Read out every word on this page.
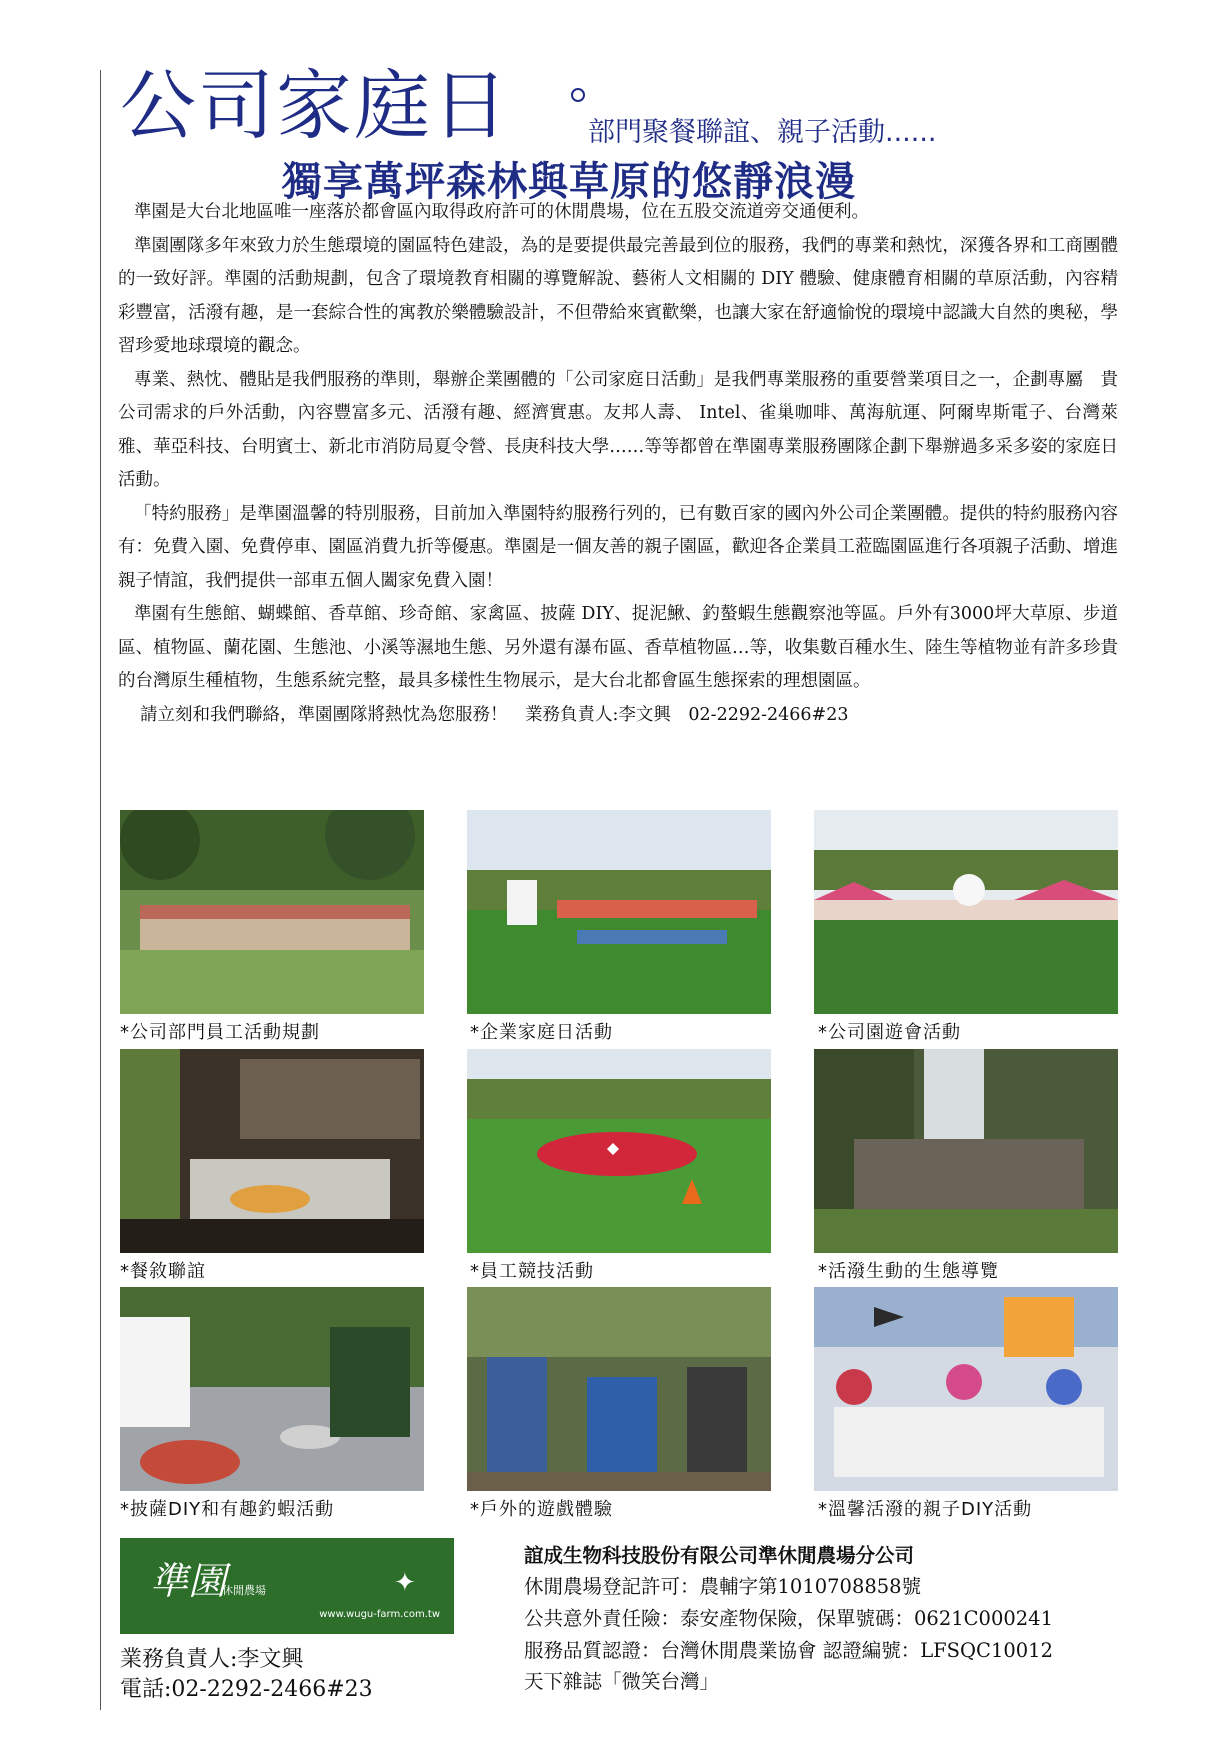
公司家庭日	部門聚餐聯誼、親子活動......
獨享萬坪森林與草原的悠靜浪漫

準園是大台北地區唯一座落於都會區內取得政府許可的休閒農場，位在五股交流道旁交通便利。

準園團隊多年來致力於生態環境的園區特色建設，為的是要提供最完善最到位的服務，我們的專業和熱忱，深獲各界和工商團體的一致好評。準園的活動規劃，包含了環境教育相關的導覽解說、藝術人文相關的 DIY 體驗、健康體育相關的草原活動，內容精彩豐富，活潑有趣，是一套綜合性的寓教於樂體驗設計，不但帶給來賓歡樂，也讓大家在舒適愉悅的環境中認識大自然的奧秘，學習珍愛地球環境的觀念。

專業、熱忱、體貼是我們服務的準則，舉辦企業團體的「公司家庭日活動」是我們專業服務的重要營業項目之一，企劃專屬　貴公司需求的戶外活動，內容豐富多元、活潑有趣、經濟實惠。友邦人壽、 Intel、雀巢咖啡、萬海航運、阿爾卑斯電子、台灣萊雅、華亞科技、台明賓士、新北市消防局夏令營、長庚科技大學……等等都曾在準園專業服務團隊企劃下舉辦過多采多姿的家庭日活動。

「特約服務」是準園溫馨的特別服務，目前加入準園特約服務行列的，已有數百家的國內外公司企業團體。提供的特約服務內容有：免費入園、免費停車、園區消費九折等優惠。準園是一個友善的親子園區，歡迎各企業員工蒞臨園區進行各項親子活動、增進親子情誼，我們提供一部車五個人闔家免費入園！

準園有生態館、蝴蝶館、香草館、珍奇館、家禽區、披薩 DIY、捉泥鰍、釣螯蝦生態觀察池等區。戶外有3000坪大草原、步道區、植物區、蘭花園、生態池、小溪等濕地生態、另外還有瀑布區、香草植物區…等，收集數百種水生、陸生等植物並有許多珍貴的台灣原生種植物，生態系統完整，最具多樣性生物展示，是大台北都會區生態探索的理想園區。

請立刻和我們聯絡，準園團隊將熱忱為您服務！　業務負責人:李文興　02-2292-2466#23

*公司部門員工活動規劃	*企業家庭日活動	*公司園遊會活動
*餐敘聯誼	*員工競技活動	*活潑生動的生態導覽
*披薩DIY和有趣釣蝦活動	*戶外的遊戲體驗	*溫馨活潑的親子DIY活動
準園
休閒農場	✦
www.wugu-farm.com.tw
業務負責人:李文興
電話:02-2292-2466#23
誼成生物科技股份有限公司準休閒農場分公司
休閒農場登記許可：農輔字第1010708858號
公共意外責任險：泰安產物保險，保單號碼：0621C000241
服務品質認證：台灣休閒農業協會 認證編號：LFSQC10012
天下雜誌「微笑台灣」
